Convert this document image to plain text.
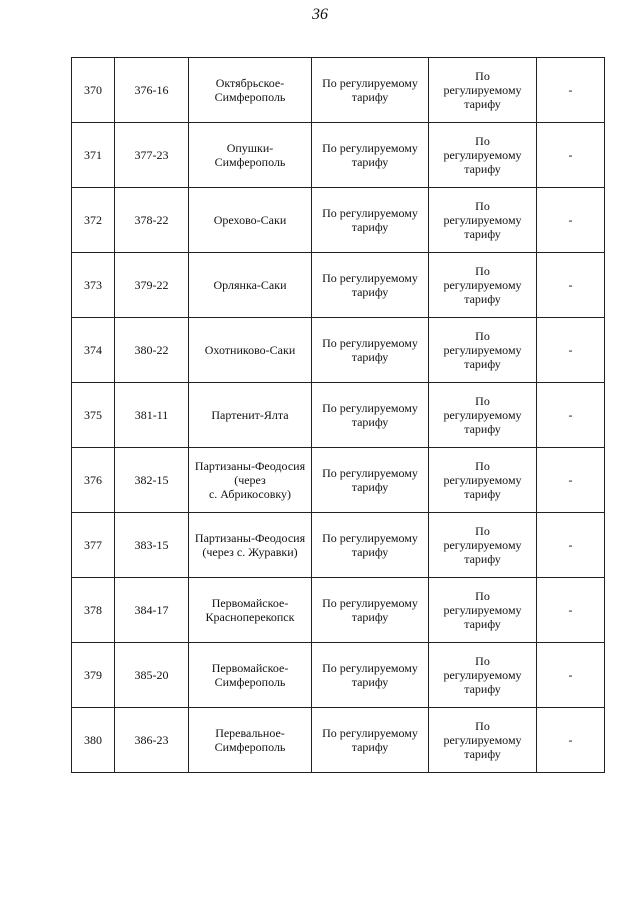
36
370	376-16	Октябрьское-
Симферополь	По регулируемому
тарифу	По
регулируемому
тарифу	-
371	377-23	Опушки-
Симферополь	По регулируемому
тарифу	По
регулируемому
тарифу	-
372	378-22	Орехово-Саки	По регулируемому
тарифу	По
регулируемому
тарифу	-
373	379-22	Орлянка-Саки	По регулируемому
тарифу	По
регулируемому
тарифу	-
374	380-22	Охотниково-Саки	По регулируемому
тарифу	По
регулируемому
тарифу	-
375	381-11	Партенит-Ялта	По регулируемому
тарифу	По
регулируемому
тарифу	-
376	382-15	Партизаны-Феодосия
(через
с. Абрикосовку)	По регулируемому
тарифу	По
регулируемому
тарифу	-
377	383-15	Партизаны-Феодосия
(через с. Журавки)	По регулируемому
тарифу	По
регулируемому
тарифу	-
378	384-17	Первомайское-
Красноперекопск	По регулируемому
тарифу	По
регулируемому
тарифу	-
379	385-20	Первомайское-
Симферополь	По регулируемому
тарифу	По
регулируемому
тарифу	-
380	386-23	Перевальное-
Симферополь	По регулируемому
тарифу	По
регулируемому
тарифу	-
